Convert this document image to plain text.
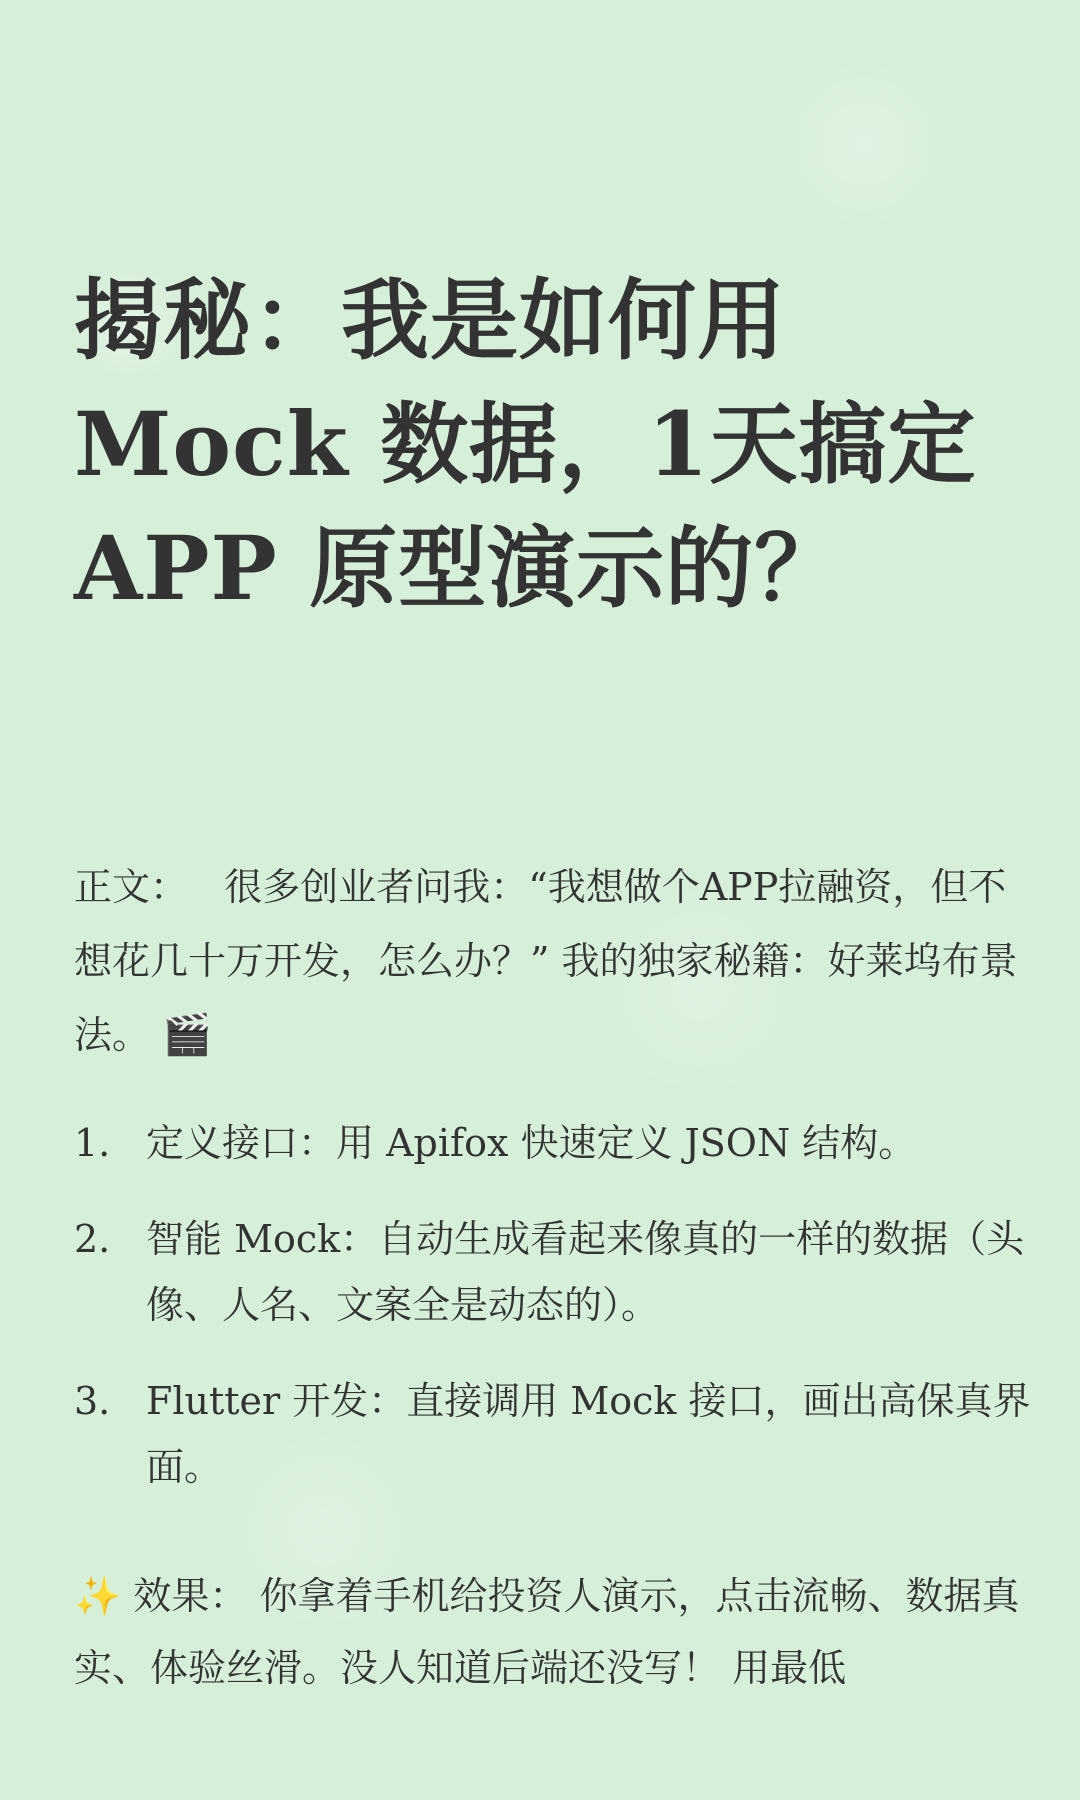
揭秘：我是如何用
Mock 数据，1天搞定
APP 原型演示的？
正文： 很多创业者问我：“我想做个APP拉融资，但不想花几十万开发，怎么办？” 我的独家秘籍：好莱坞布景法。 🎬
1. 定义接口：用 Apifox 快速定义 JSON 结构。
2. 智能 Mock：自动生成看起来像真的一样的数据（头像、人名、文案全是动态的）。
3. Flutter 开发：直接调用 Mock 接口，画出高保真界面。
✨ 效果： 你拿着手机给投资人演示，点击流畅、数据真实、体验丝滑。没人知道后端还没写！ 用最低
